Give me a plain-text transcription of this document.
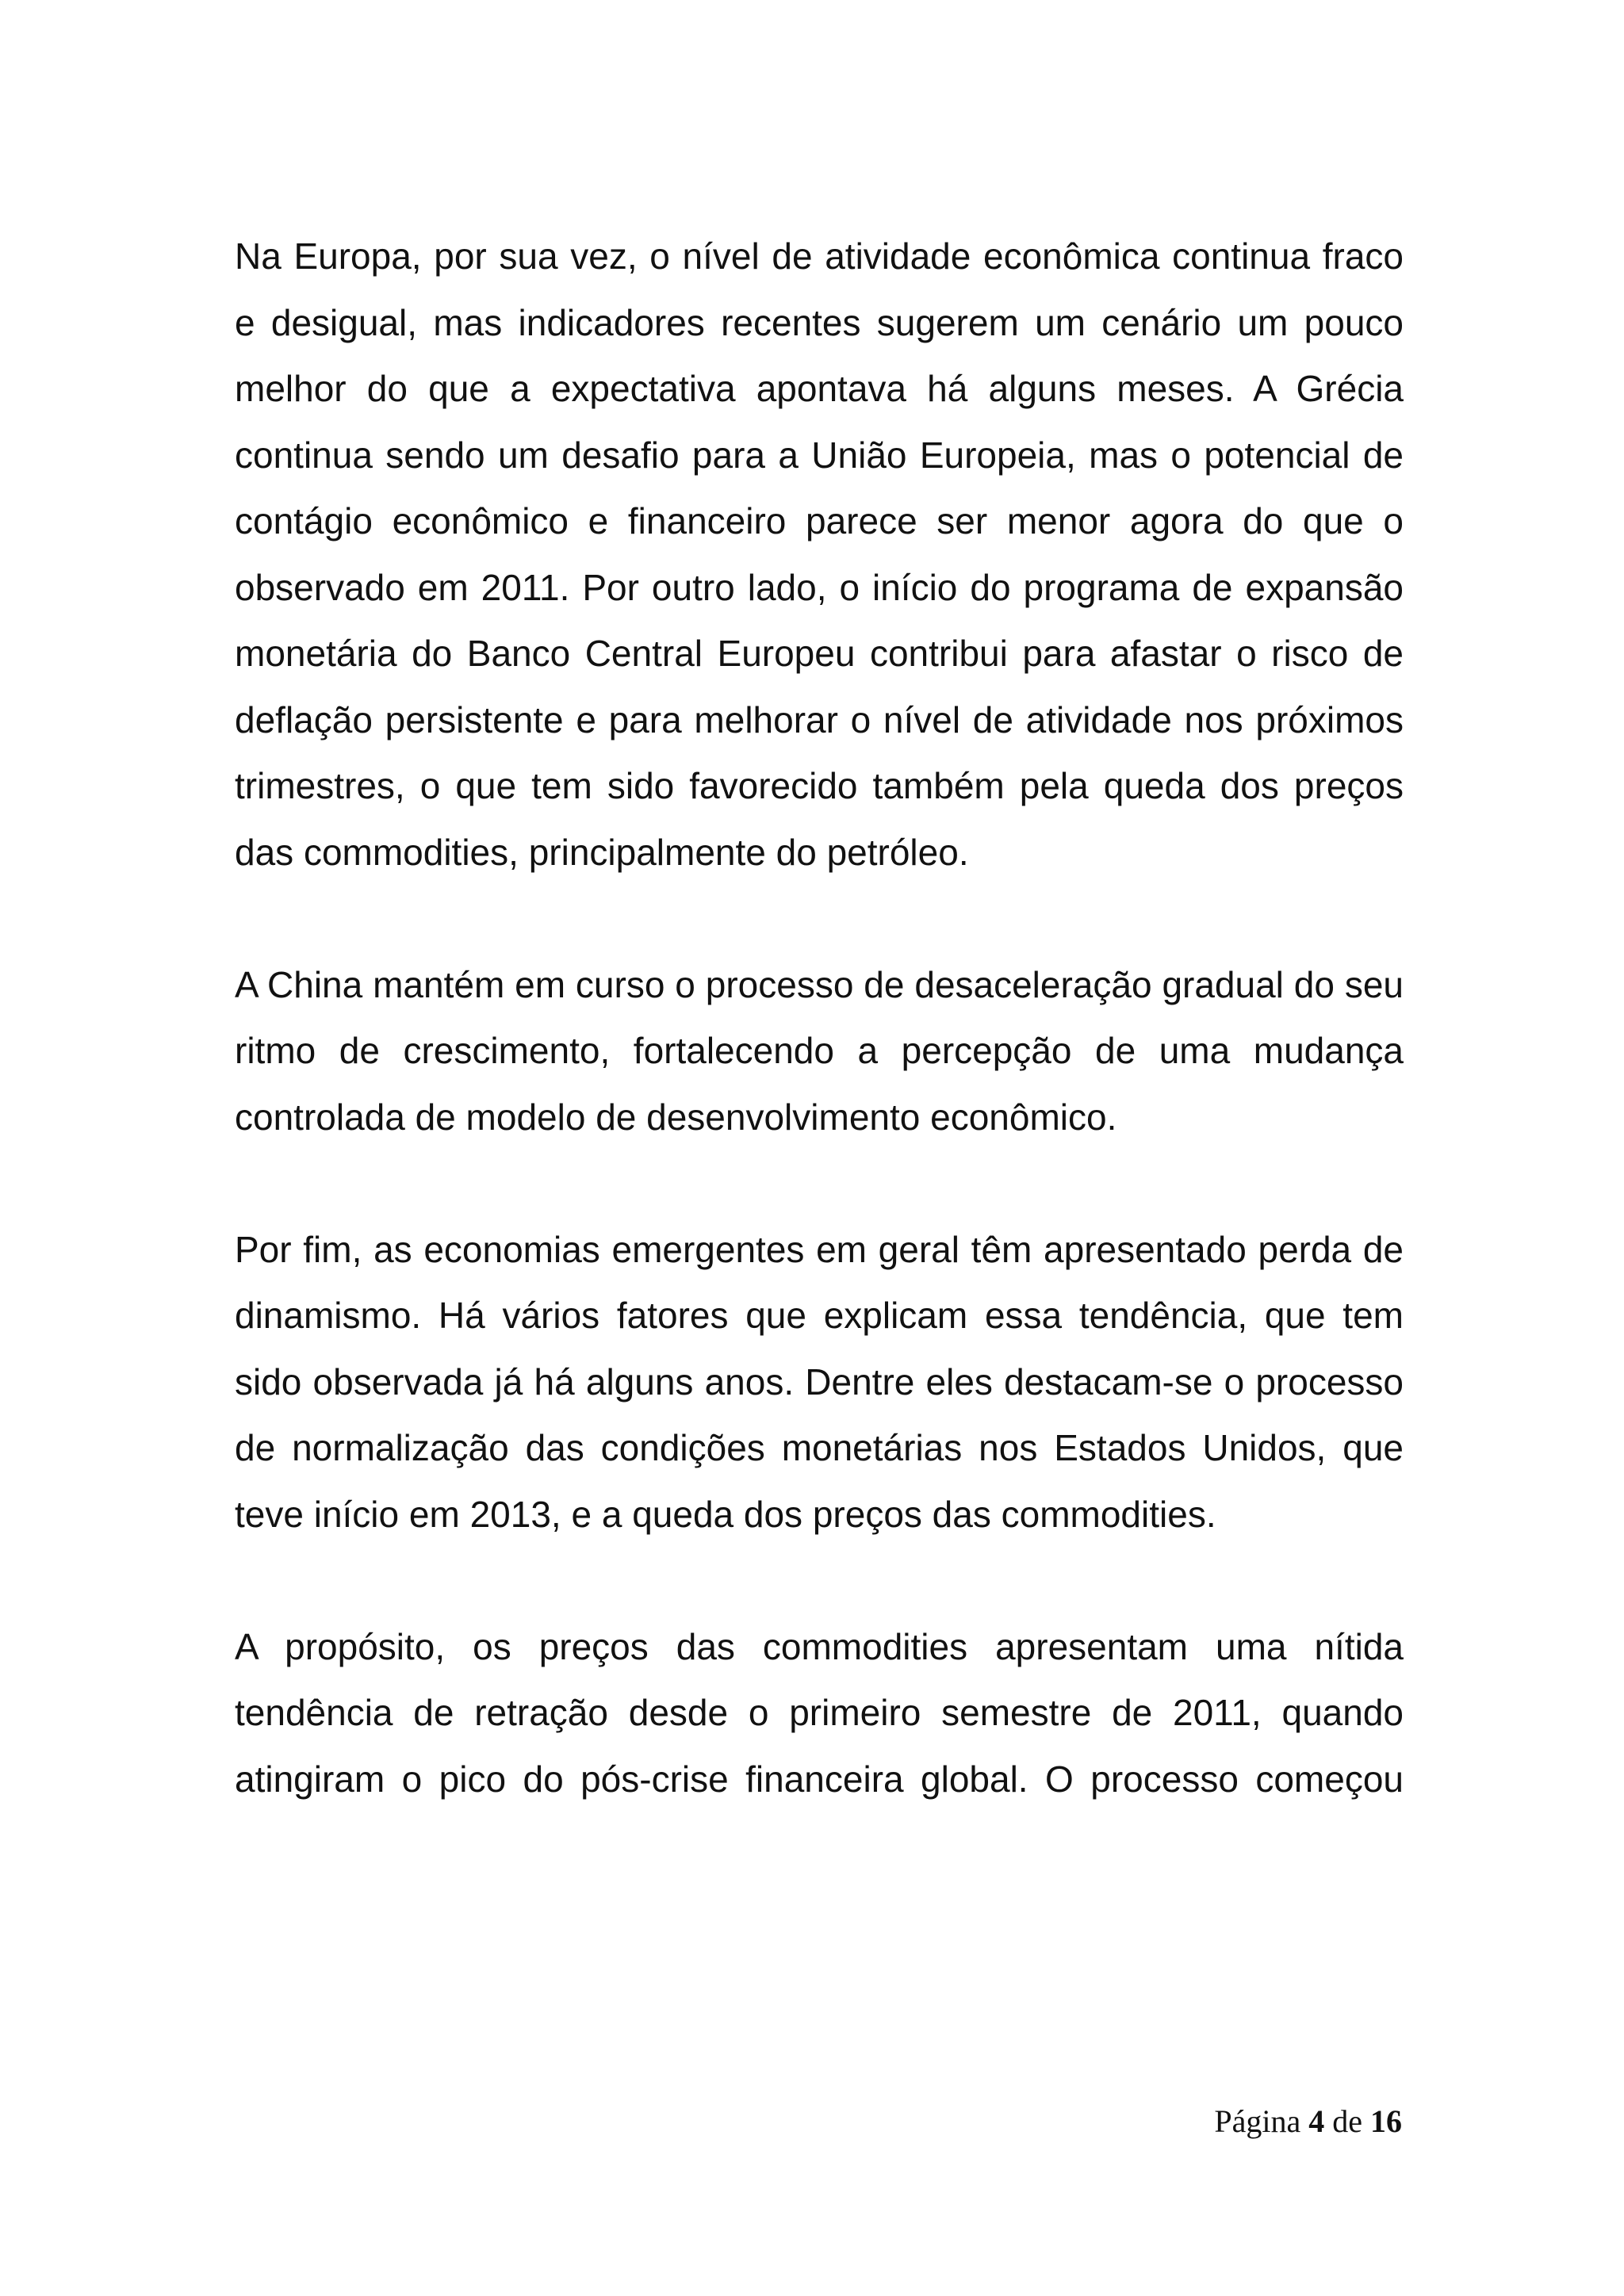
Na Europa, por sua vez, o nível de atividade econômica continua fraco e desigual, mas indicadores recentes sugerem um cenário um pouco melhor do que a expectativa apontava há alguns meses. A Grécia continua sendo um desafio para a União Europeia, mas o potencial de contágio econômico e financeiro parece ser menor agora do que o observado em 2011. Por outro lado, o início do programa de expansão monetária do Banco Central Europeu contribui para afastar o risco de deflação persistente e para melhorar o nível de atividade nos próximos trimestres, o que tem sido favorecido também pela queda dos preços das commodities, principalmente do petróleo.

A China mantém em curso o processo de desaceleração gradual do seu ritmo de crescimento, fortalecendo a percepção de uma mudança controlada de modelo de desenvolvimento econômico.

Por fim, as economias emergentes em geral têm apresentado perda de dinamismo. Há vários fatores que explicam essa tendência, que tem sido observada já há alguns anos. Dentre eles destacam-se o processo de normalização das condições monetárias nos Estados Unidos, que teve início em 2013, e a queda dos preços das commodities.

A propósito, os preços das commodities apresentam uma nítida tendência de retração desde o primeiro semestre de 2011, quando atingiram o pico do pós-crise financeira global. O processo começou

Página 4 de 16
